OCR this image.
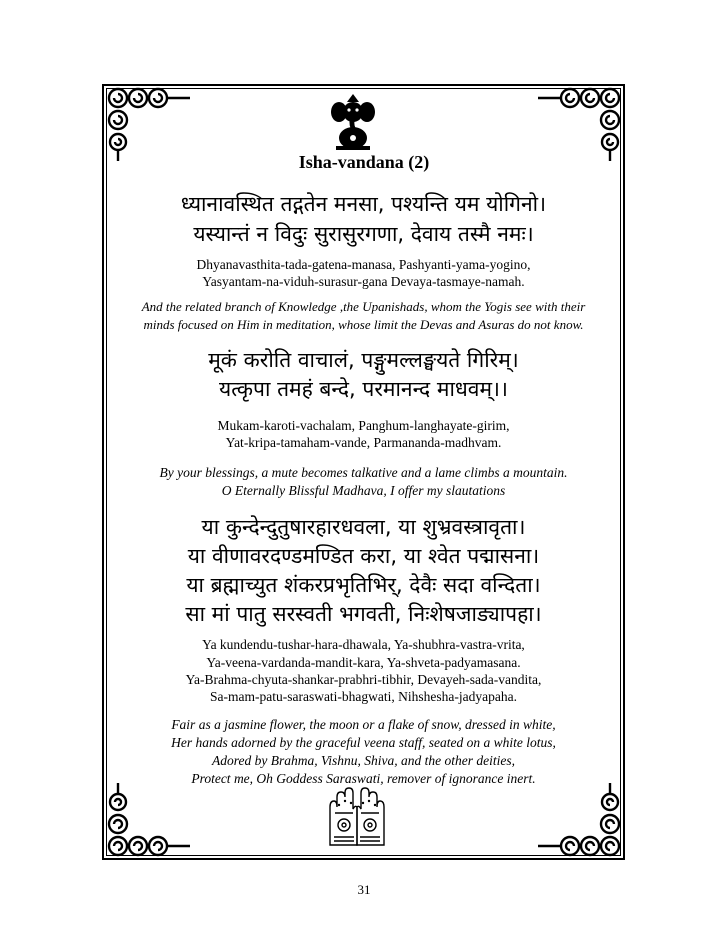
Isha-vandana (2)
ध्यानावस्थित तद्गतेन मनसा, पश्यन्ति यम योगिनो।
यस्यान्तं न विदुः सुरासुरगणा, देवाय तस्मै नमः।
Dhyanavasthita-tada-gatena-manasa, Pashyanti-yama-yogino,
Yasyantam-na-viduh-surasur-gana Devaya-tasmaye-namah.
And the related branch of Knowledge ,the Upanishads, whom the Yogis see with their
minds focused on Him in meditation, whose limit the Devas and Asuras do not know.
मूकं करोति वाचालं, पङ्गुमल्लङ्घयते गिरिम्।
यत्कृपा तमहं बन्दे, परमानन्द माधवम्।।
Mukam-karoti-vachalam, Panghum-langhayate-girim,
Yat-kripa-tamaham-vande, Parmananda-madhvam.
By your blessings, a mute becomes talkative and a lame climbs a mountain.
O Eternally Blissful Madhava, I offer my slautations
या कुन्देन्दुतुषारहारधवला, या शुभ्रवस्त्रावृता।
या वीणावरदण्डमण्डित करा, या श्वेत पद्मासना।
या ब्रह्माच्युत शंकरप्रभृतिभिर्, देवैः सदा वन्दिता।
सा मां पातु सरस्वती भगवती, निःशेषजाड्यापहा।
Ya kundendu-tushar-hara-dhawala, Ya-shubhra-vastra-vrita,
Ya-veena-vardanda-mandit-kara, Ya-shveta-padyamasana.
Ya-Brahma-chyuta-shankar-prabhri-tibhir, Devayeh-sada-vandita,
Sa-mam-patu-saraswati-bhagwati, Nihshesha-jadyapaha.
Fair as a jasmine flower, the moon or a flake of snow, dressed in white,
Her hands adorned by the graceful veena staff, seated on a white lotus,
Adored by Brahma, Vishnu, Shiva, and the other deities,
Protect me, Oh Goddess Saraswati, remover of ignorance inert.
31
